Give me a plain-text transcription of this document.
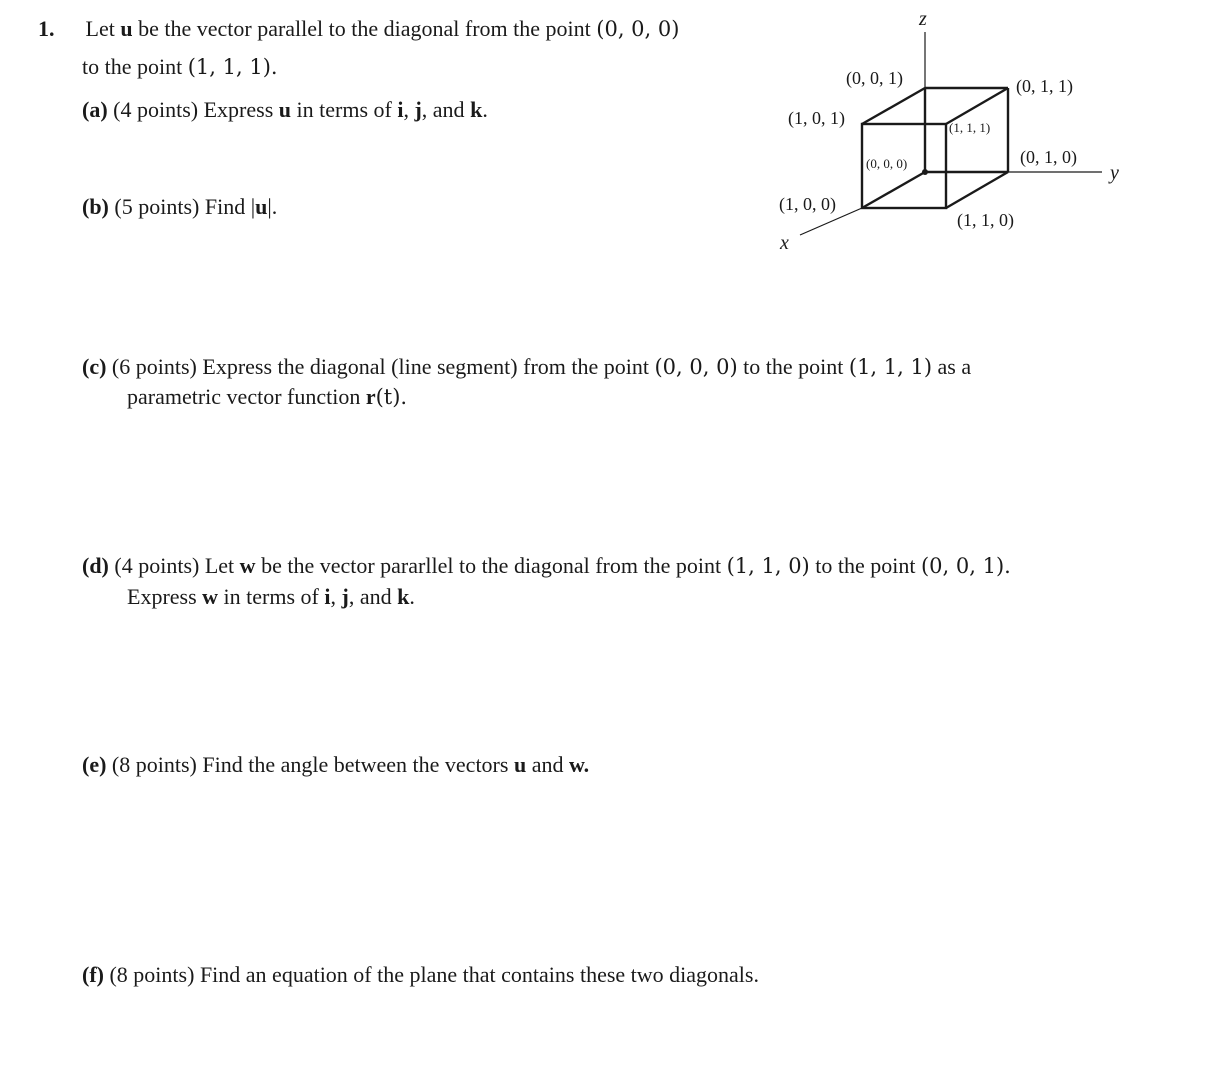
1. Let u be the vector parallel to the diagonal from the point (0, 0, 0)
to the point (1, 1, 1).
(a) (4 points) Express u in terms of i, j, and k.
(b) (5 points) Find |u|.
(c) (6 points) Express the diagonal (line segment) from the point (0, 0, 0) to the point (1, 1, 1) as a
parametric vector function r(t).
(d) (4 points) Let w be the vector pararllel to the diagonal from the point (1, 1, 0) to the point (0, 0, 1).
Express w in terms of i, j, and k.
(e) (8 points) Find the angle between the vectors u and w.
(f) (8 points) Find an equation of the plane that contains these two diagonals.
z
y
x
(0, 0, 1)	(0, 1, 1)
(1, 0, 1)	(1, 1, 1)
(0, 0, 0)	(0, 1, 0)
(1, 0, 0)
(1, 1, 0)
